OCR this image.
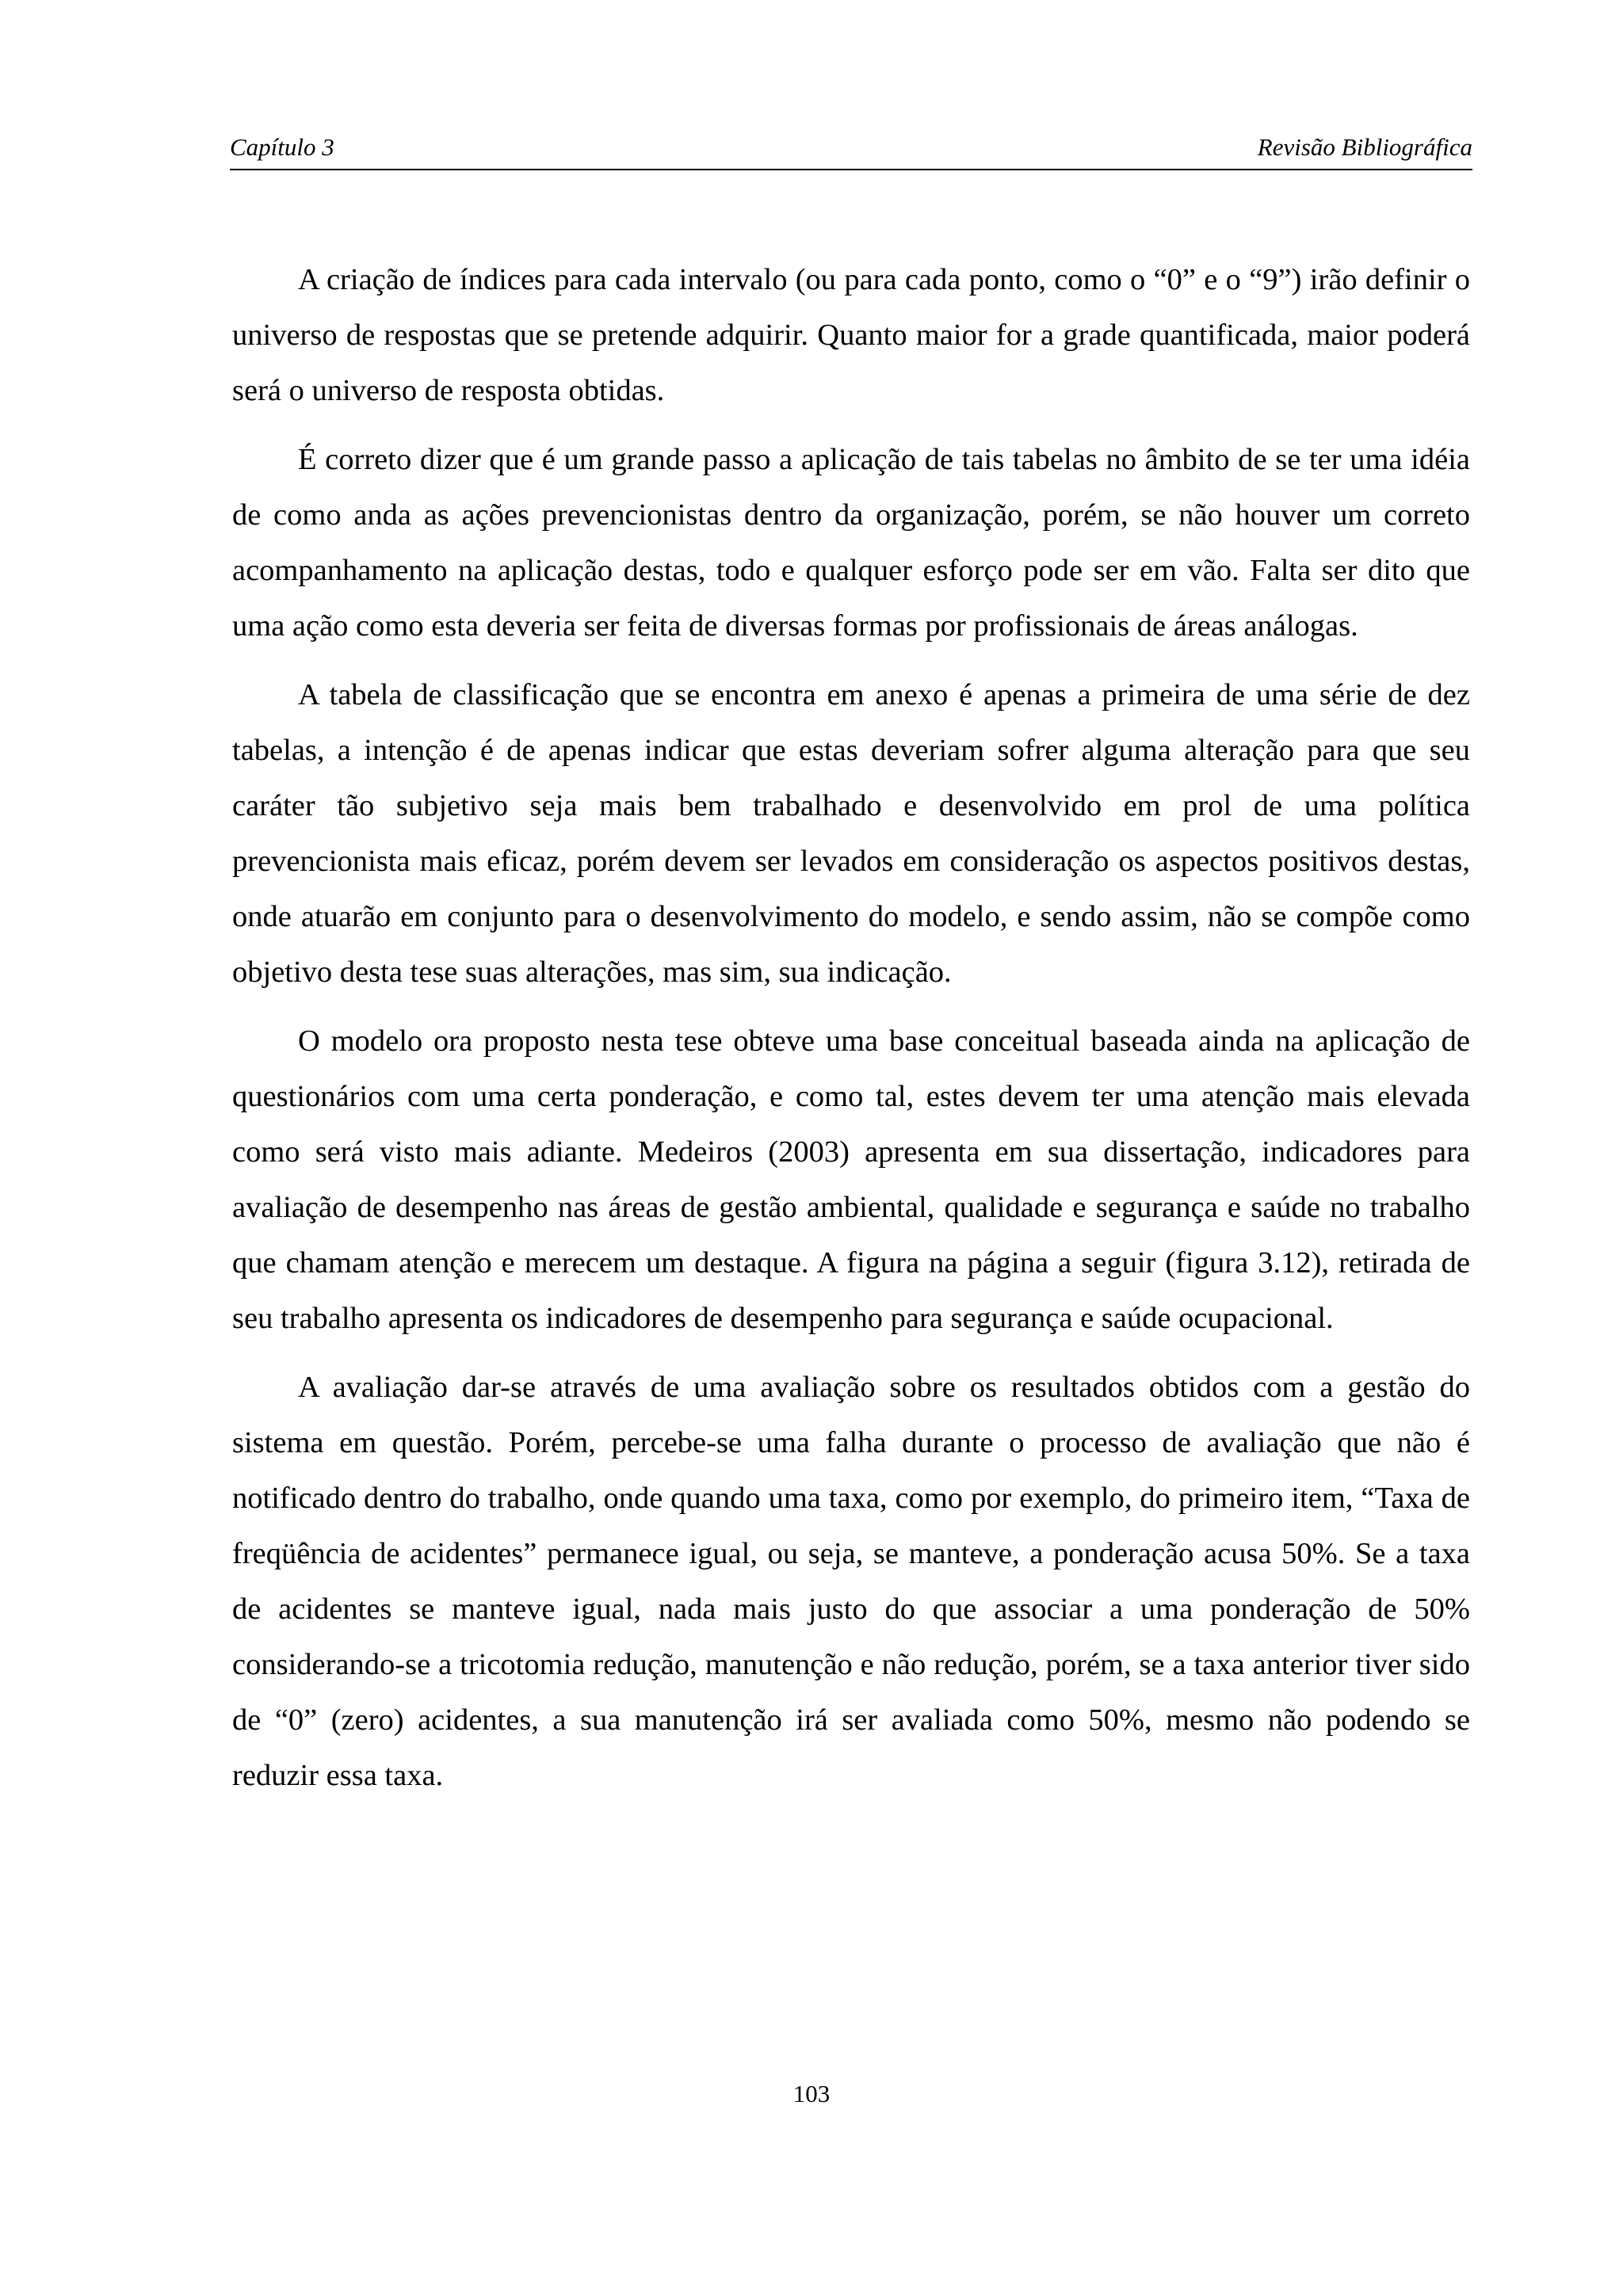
Capítulo 3	Revisão Bibliográfica

A criação de índices para cada intervalo (ou para cada ponto, como o “0” e o “9”) irão definir o universo de respostas que se pretende adquirir. Quanto maior for a grade quantificada, maior poderá será o universo de resposta obtidas.

É correto dizer que é um grande passo a aplicação de tais tabelas no âmbito de se ter uma idéia de como anda as ações prevencionistas dentro da organização, porém, se não houver um correto acompanhamento na aplicação destas, todo e qualquer esforço pode ser em vão. Falta ser dito que uma ação como esta deveria ser feita de diversas formas por profissionais de áreas análogas.

A tabela de classificação que se encontra em anexo é apenas a primeira de uma série de dez tabelas, a intenção é de apenas indicar que estas deveriam sofrer alguma alteração para que seu caráter tão subjetivo seja mais bem trabalhado e desenvolvido em prol de uma política prevencionista mais eficaz, porém devem ser levados em consideração os aspectos positivos destas, onde atuarão em conjunto para o desenvolvimento do modelo, e sendo assim, não se compõe como objetivo desta tese suas alterações, mas sim, sua indicação.

O modelo ora proposto nesta tese obteve uma base conceitual baseada ainda na aplicação de questionários com uma certa ponderação, e como tal, estes devem ter uma atenção mais elevada como será visto mais adiante. Medeiros (2003) apresenta em sua dissertação, indicadores para avaliação de desempenho nas áreas de gestão ambiental, qualidade e segurança e saúde no trabalho que chamam atenção e merecem um destaque. A figura na página a seguir (figura 3.12), retirada de seu trabalho apresenta os indicadores de desempenho para segurança e saúde ocupacional.

A avaliação dar-se através de uma avaliação sobre os resultados obtidos com a gestão do sistema em questão. Porém, percebe-se uma falha durante o processo de avaliação que não é notificado dentro do trabalho, onde quando uma taxa, como por exemplo, do primeiro item, “Taxa de freqüência de acidentes” permanece igual, ou seja, se manteve, a ponderação acusa 50%. Se a taxa de acidentes se manteve igual, nada mais justo do que associar a uma ponderação de 50% considerando-se a tricotomia redução, manutenção e não redução, porém, se a taxa anterior tiver sido de “0” (zero) acidentes, a sua manutenção irá ser avaliada como 50%, mesmo não podendo se reduzir essa taxa.

103
